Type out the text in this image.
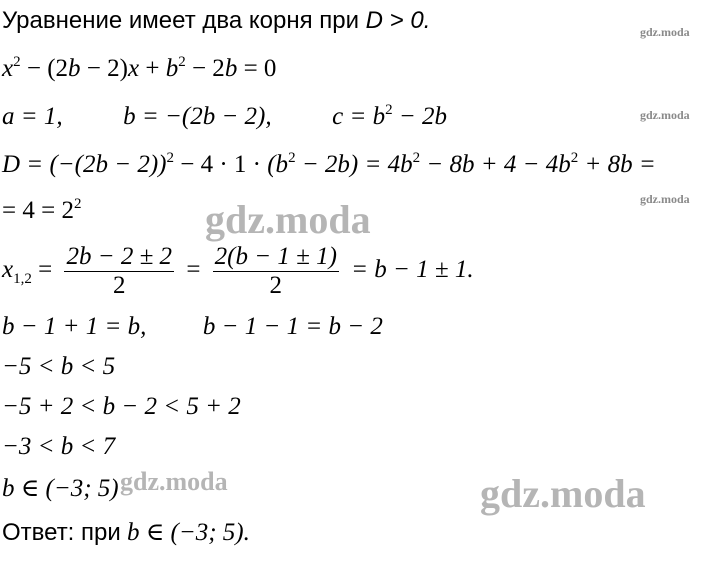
gdz.moda
gdz.moda
gdz.moda
gdz.moda
gdz.moda	gdz.moda
Уравнение имеет два корня при D > 0.
$x^2 - (2b - 2)x + b^2 - 2b = 0$
a = 1, b = −(2b − 2), $c = b^2 - 2b$
$D = (-(2b - 2))^2 - 4 \cdot 1 \cdot (b^2 - 2b) = 4b^2 - 8b + 4 - 4b^2 + 8b$ =
= $4 = 2^2$
$x_{1,2} = \frac{2b - 2 \pm 2}{2} = \frac{2(b - 1 \pm 1)}{2} = b - 1 \pm 1$.
b − 1 + 1 = b, b − 1 − 1 = b − 2
−5 < b < 5
−5 + 2 < b − 2 < 5 + 2
−3 < b < 7
b ∈ (−3; 5)
Ответ: при b ∈ (−3; 5).
